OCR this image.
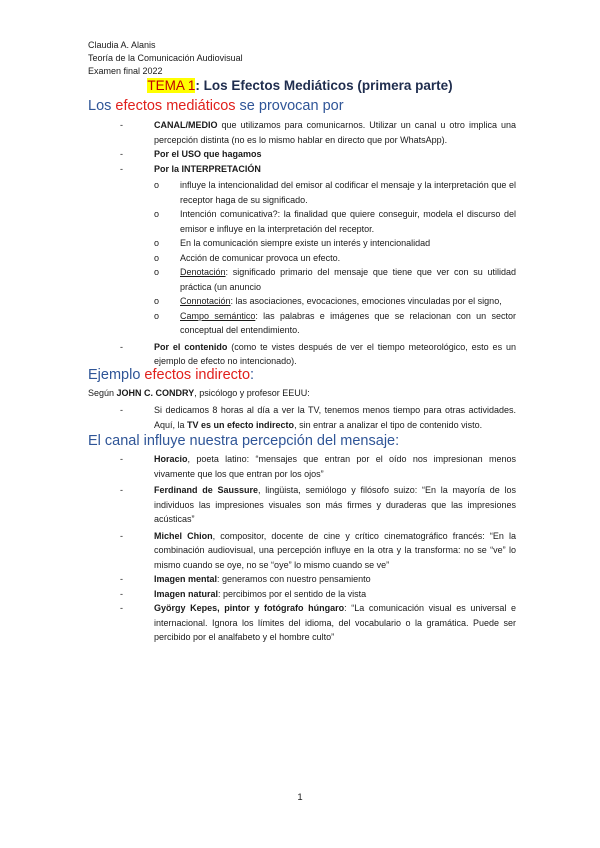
Claudia A. Alanis
Teoría de la Comunicación Audiovisual
Examen final 2022
TEMA 1: Los Efectos Mediáticos (primera parte)
Los efectos mediáticos se provocan por
-	CANAL/MEDIO que utilizamos para comunicarnos. Utilizar un canal u otro implica una percepción distinta (no es lo mismo hablar en directo que por WhatsApp).
-	Por el USO que hagamos
-	Por la INTERPRETACIÓN
o influye la intencionalidad del emisor al codificar el mensaje y la interpretación que el receptor haga de su significado.
o Intención comunicativa?: la finalidad que quiere conseguir, modela el discurso del emisor e influye en la interpretación del receptor.
o En la comunicación siempre existe un interés y intencionalidad
o Acción de comunicar provoca un efecto.
o Denotación: significado primario del mensaje que tiene que ver con su utilidad práctica (un anuncio
o Connotación: las asociaciones, evocaciones, emociones vinculadas por el signo,
o Campo semántico: las palabras e imágenes que se relacionan con un sector conceptual del entendimiento.
-	Por el contenido (como te vistes después de ver el tiempo meteorológico, esto es un ejemplo de efecto no intencionado).
Ejemplo efectos indirecto:
Según JOHN C. CONDRY, psicólogo y profesor EEUU:
-	Si dedicamos 8 horas al día a ver la TV, tenemos menos tiempo para otras actividades. Aquí, la TV es un efecto indirecto, sin entrar a analizar el tipo de contenido visto.
El canal influye nuestra percepción del mensaje:
-	Horacio, poeta latino: “mensajes que entran por el oído nos impresionan menos vivamente que los que entran por los ojos”
-	Ferdinand de Saussure, lingüista, semiólogo y filósofo suizo: “En la mayoría de los individuos las impresiones visuales son más firmes y duraderas que las impresiones acústicas”
-	Michel Chion, compositor, docente de cine y crítico cinematográfico francés: “En la combinación audiovisual, una percepción influye en la otra y la transforma: no se “ve” lo mismo cuando se oye, no se “oye” lo mismo cuando se ve”
-	Imagen mental: generamos con nuestro pensamiento
-	Imagen natural: percibimos por el sentido de la vista
-	György Kepes, pintor y fotógrafo húngaro: “La comunicación visual es universal e internacional. Ignora los límites del idioma, del vocabulario o la gramática. Puede ser percibido por el analfabeto y el hombre culto”
1
